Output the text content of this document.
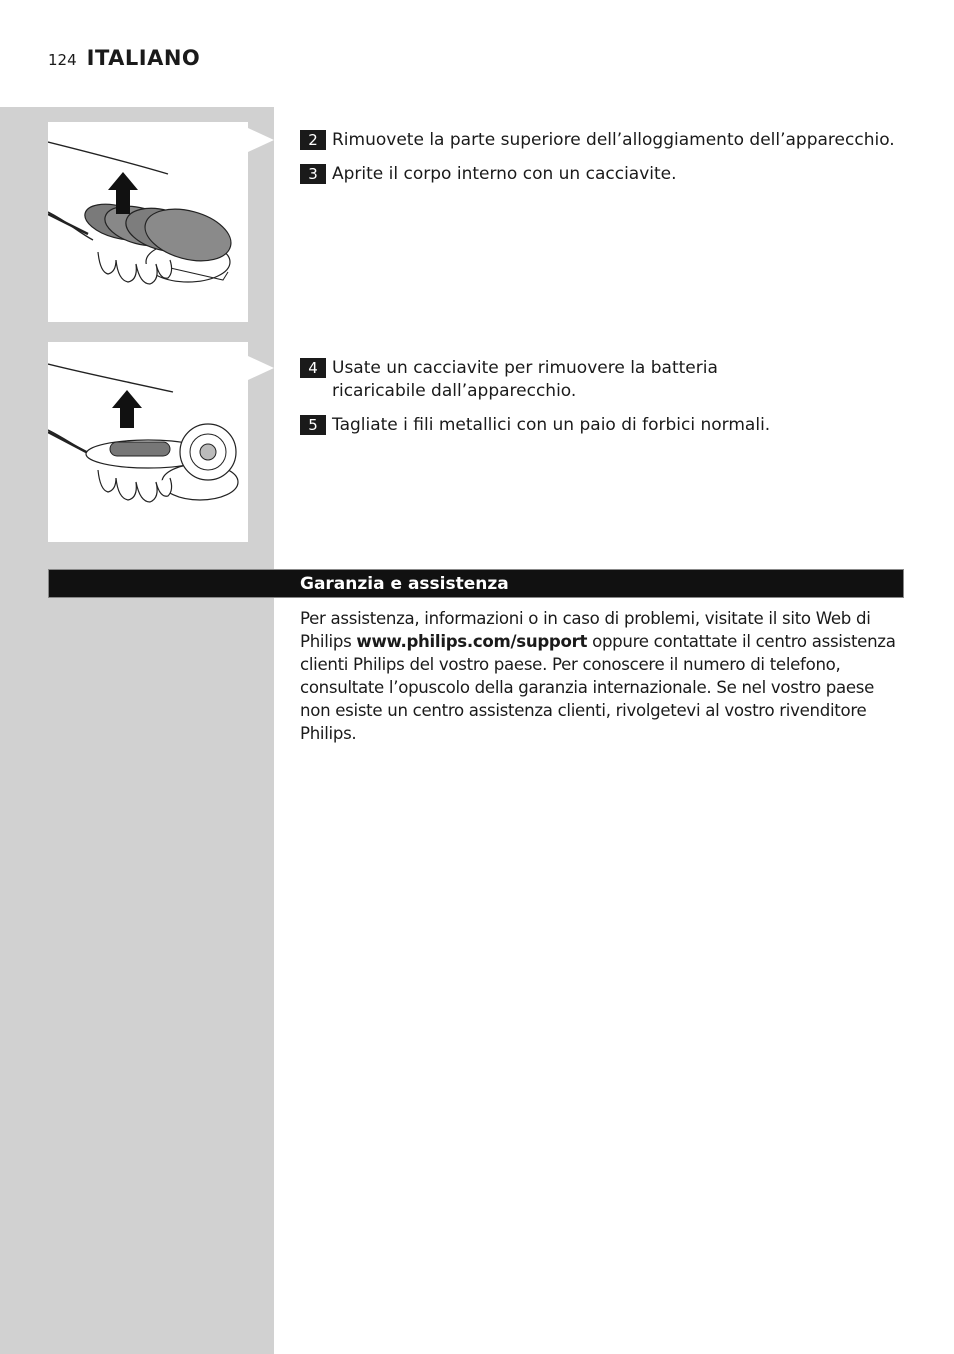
124 ITALIANO
2 Rimuovete la parte superiore dell’alloggiamento dell’apparecchio.
3 Aprite il corpo interno con un cacciavite.
4 Usate un cacciavite per rimuovere la batteria ricaricabile dall’apparecchio.
5 Tagliate i fili metallici con un paio di forbici normali.
Garanzia e assistenza
Per assistenza, informazioni o in caso di problemi, visitate il sito Web di Philips www.philips.com/support oppure contattate il centro assistenza clienti Philips del vostro paese. Per conoscere il numero di telefono, consultate l’opuscolo della garanzia internazionale. Se nel vostro paese non esiste un centro assistenza clienti, rivolgetevi al vostro rivenditore Philips.
